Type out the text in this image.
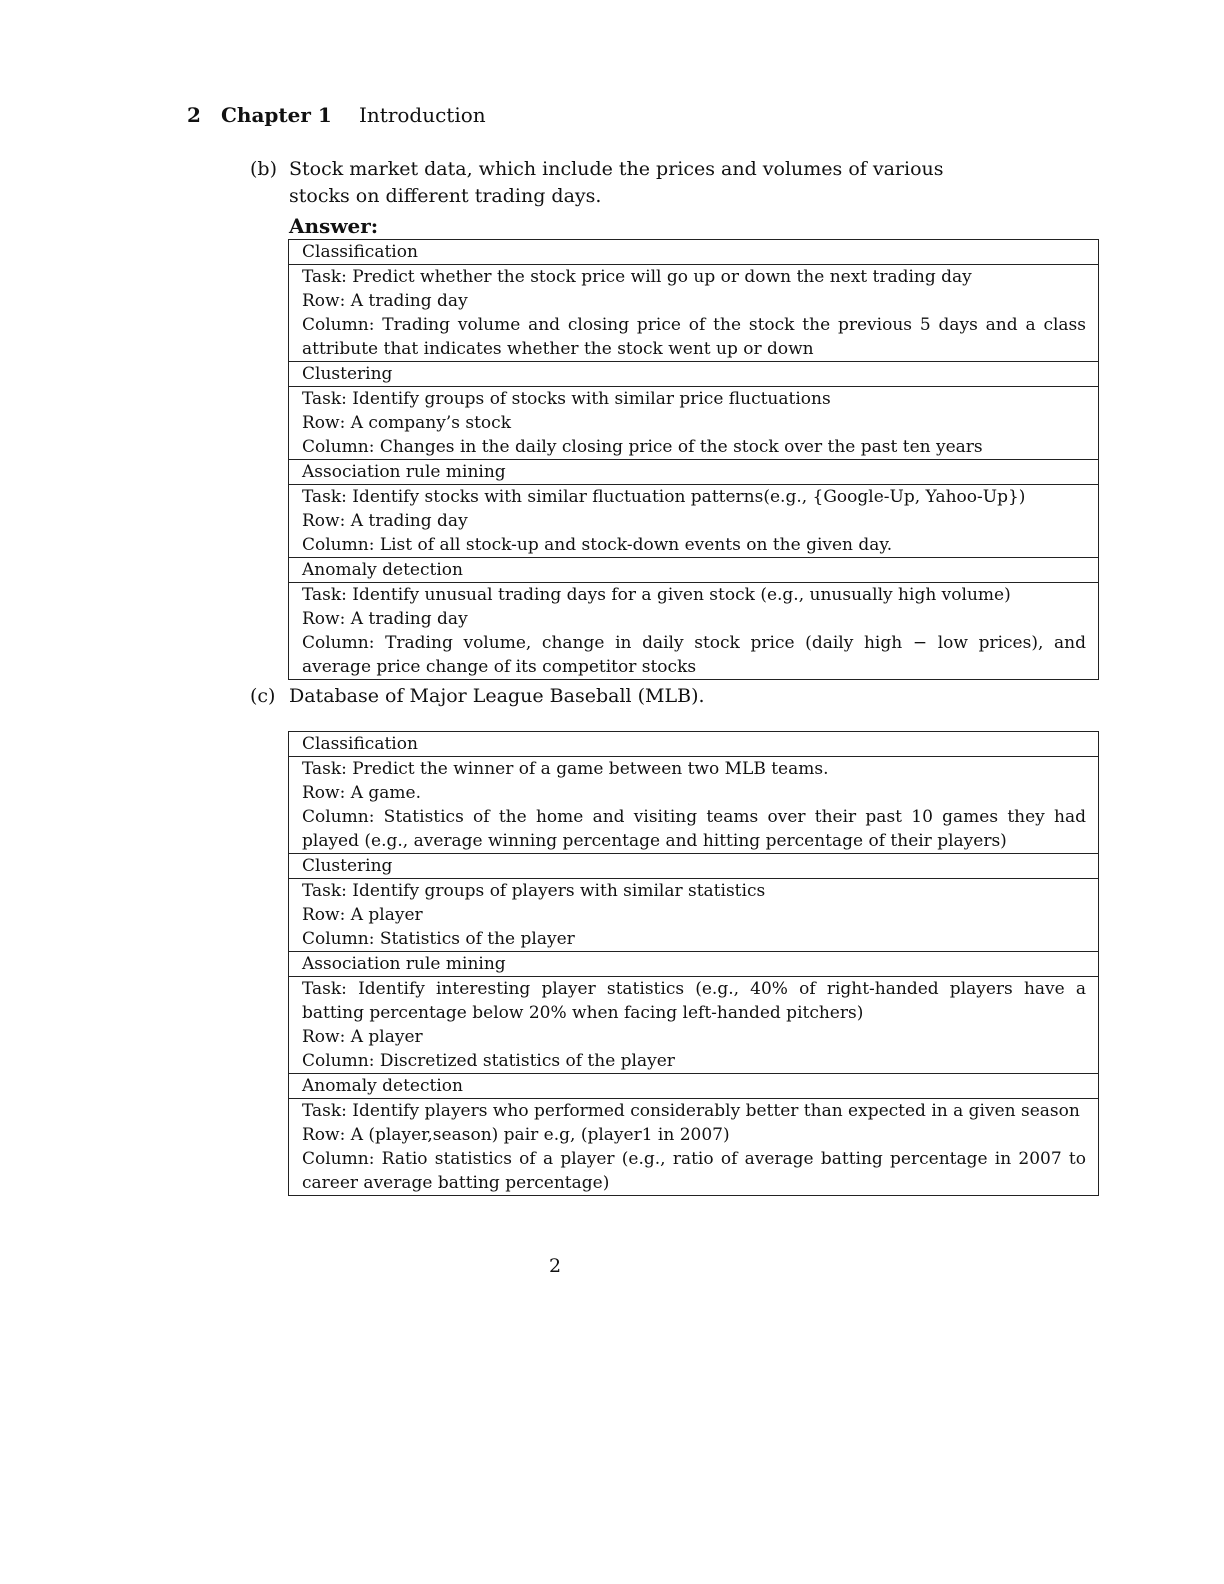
2 Chapter 1 Introduction
(b) Stock market data, which include the prices and volumes of various
stocks on different trading days.
Answer:
Classification

Task: Predict whether the stock price will go up or down the next trading day

Row: A trading day

Column: Trading volume and closing price of the stock the previous 5 days and a class attribute that indicates whether the stock went up or down

Clustering

Task: Identify groups of stocks with similar price fluctuations

Row: A company’s stock

Column: Changes in the daily closing price of the stock over the past ten years

Association rule mining

Task: Identify stocks with similar fluctuation patterns(e.g., {Google-Up, Yahoo-Up})

Row: A trading day

Column: List of all stock-up and stock-down events on the given day.

Anomaly detection

Task: Identify unusual trading days for a given stock (e.g., unusually high volume)

Row: A trading day

Column: Trading volume, change in daily stock price (daily high − low prices), and average price change of its competitor stocks

(c) Database of Major League Baseball (MLB).
Classification

Task: Predict the winner of a game between two MLB teams.

Row: A game.

Column: Statistics of the home and visiting teams over their past 10 games they had played (e.g., average winning percentage and hitting percentage of their players)

Clustering

Task: Identify groups of players with similar statistics

Row: A player

Column: Statistics of the player

Association rule mining

Task: Identify interesting player statistics (e.g., 40% of right-handed players have a batting percentage below 20% when facing left-handed pitchers)

Row: A player

Column: Discretized statistics of the player

Anomaly detection

Task: Identify players who performed considerably better than expected in a given season

Row: A (player,season) pair e.g, (player1 in 2007)

Column: Ratio statistics of a player (e.g., ratio of average batting percentage in 2007 to career average batting percentage)

2
